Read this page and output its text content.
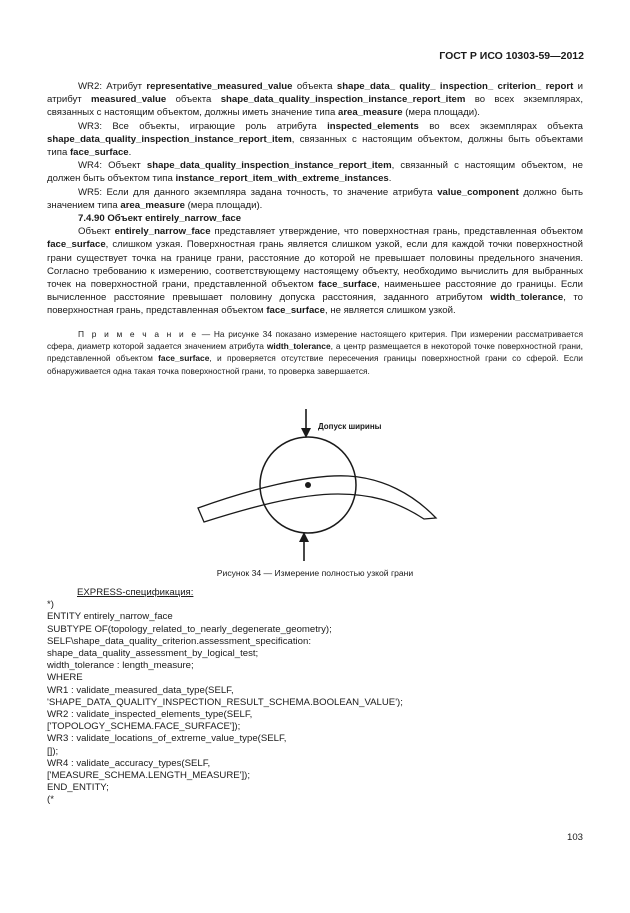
ГОСТ Р ИСО 10303-59—2012

WR2: Атрибут representative_measured_value объекта shape_data_ quality_ inspection_ criterion_ report и атрибут measured_value объекта shape_data_quality_inspection_instance_report_item во всех экземплярах, связанных с настоящим объектом, должны иметь значение типа area_measure (мера площади).

WR3: Все объекты, играющие роль атрибута inspected_elements во всех экземплярах объекта shape_data_quality_inspection_instance_report_item, связанных с настоящим объектом, должны быть объектами типа face_surface.

WR4: Объект shape_data_quality_inspection_instance_report_item, связанный с настоящим объектом, не должен быть объектом типа instance_report_item_with_extreme_instances.

WR5: Если для данного экземпляра задана точность, то значение атрибута value_component должно быть значением типа area_measure (мера площади).

7.4.90 Объект entirely_narrow_face

Объект entirely_narrow_face представляет утверждение, что поверхностная грань, представленная объектом face_surface, слишком узкая. Поверхностная грань является слишком узкой, если для каждой точки поверхностной грани существует точка на границе грани, расстояние до которой не превышает половины предельного значения. Согласно требованию к измерению, соответствующему настоящему объекту, необходимо вычислить для выбранных точек на поверхностной грани, представленной объектом face_surface, наименьшее расстояние до границы. Если вычисленное расстояние превышает половину допуска расстояния, заданного атрибутом width_tolerance, то поверхностная грань, представленная объектом face_surface, не является слишком узкой.

П р и м е ч а н и е — На рисунке 34 показано измерение настоящего критерия. При измерении рассматривается сфера, диаметр которой задается значением атрибута width_tolerance, а центр размещается в некоторой точке поверхностной грани, представленной объектом face_surface, и проверяется отсутствие пересечения границы поверхностной грани со сферой. Если обнаруживается одна такая точка поверхностной грани, то проверка завершается.

Допуск ширины
Рисунок 34 — Измерение полностью узкой грани
EXPRESS-спецификация:
*)
ENTITY entirely_narrow_face
SUBTYPE OF(topology_related_to_nearly_degenerate_geometry);
SELF\shape_data_quality_criterion.assessment_specification:
shape_data_quality_assessment_by_logical_test;
width_tolerance : length_measure;
WHERE
WR1 : validate_measured_data_type(SELF,
'SHAPE_DATA_QUALITY_INSPECTION_RESULT_SCHEMA.BOOLEAN_VALUE');
WR2 : validate_inspected_elements_type(SELF,
['TOPOLOGY_SCHEMA.FACE_SURFACE']);
WR3 : validate_locations_of_extreme_value_type(SELF,
[]);
WR4 : validate_accuracy_types(SELF,
['MEASURE_SCHEMA.LENGTH_MEASURE']);
END_ENTITY;
(*
103
